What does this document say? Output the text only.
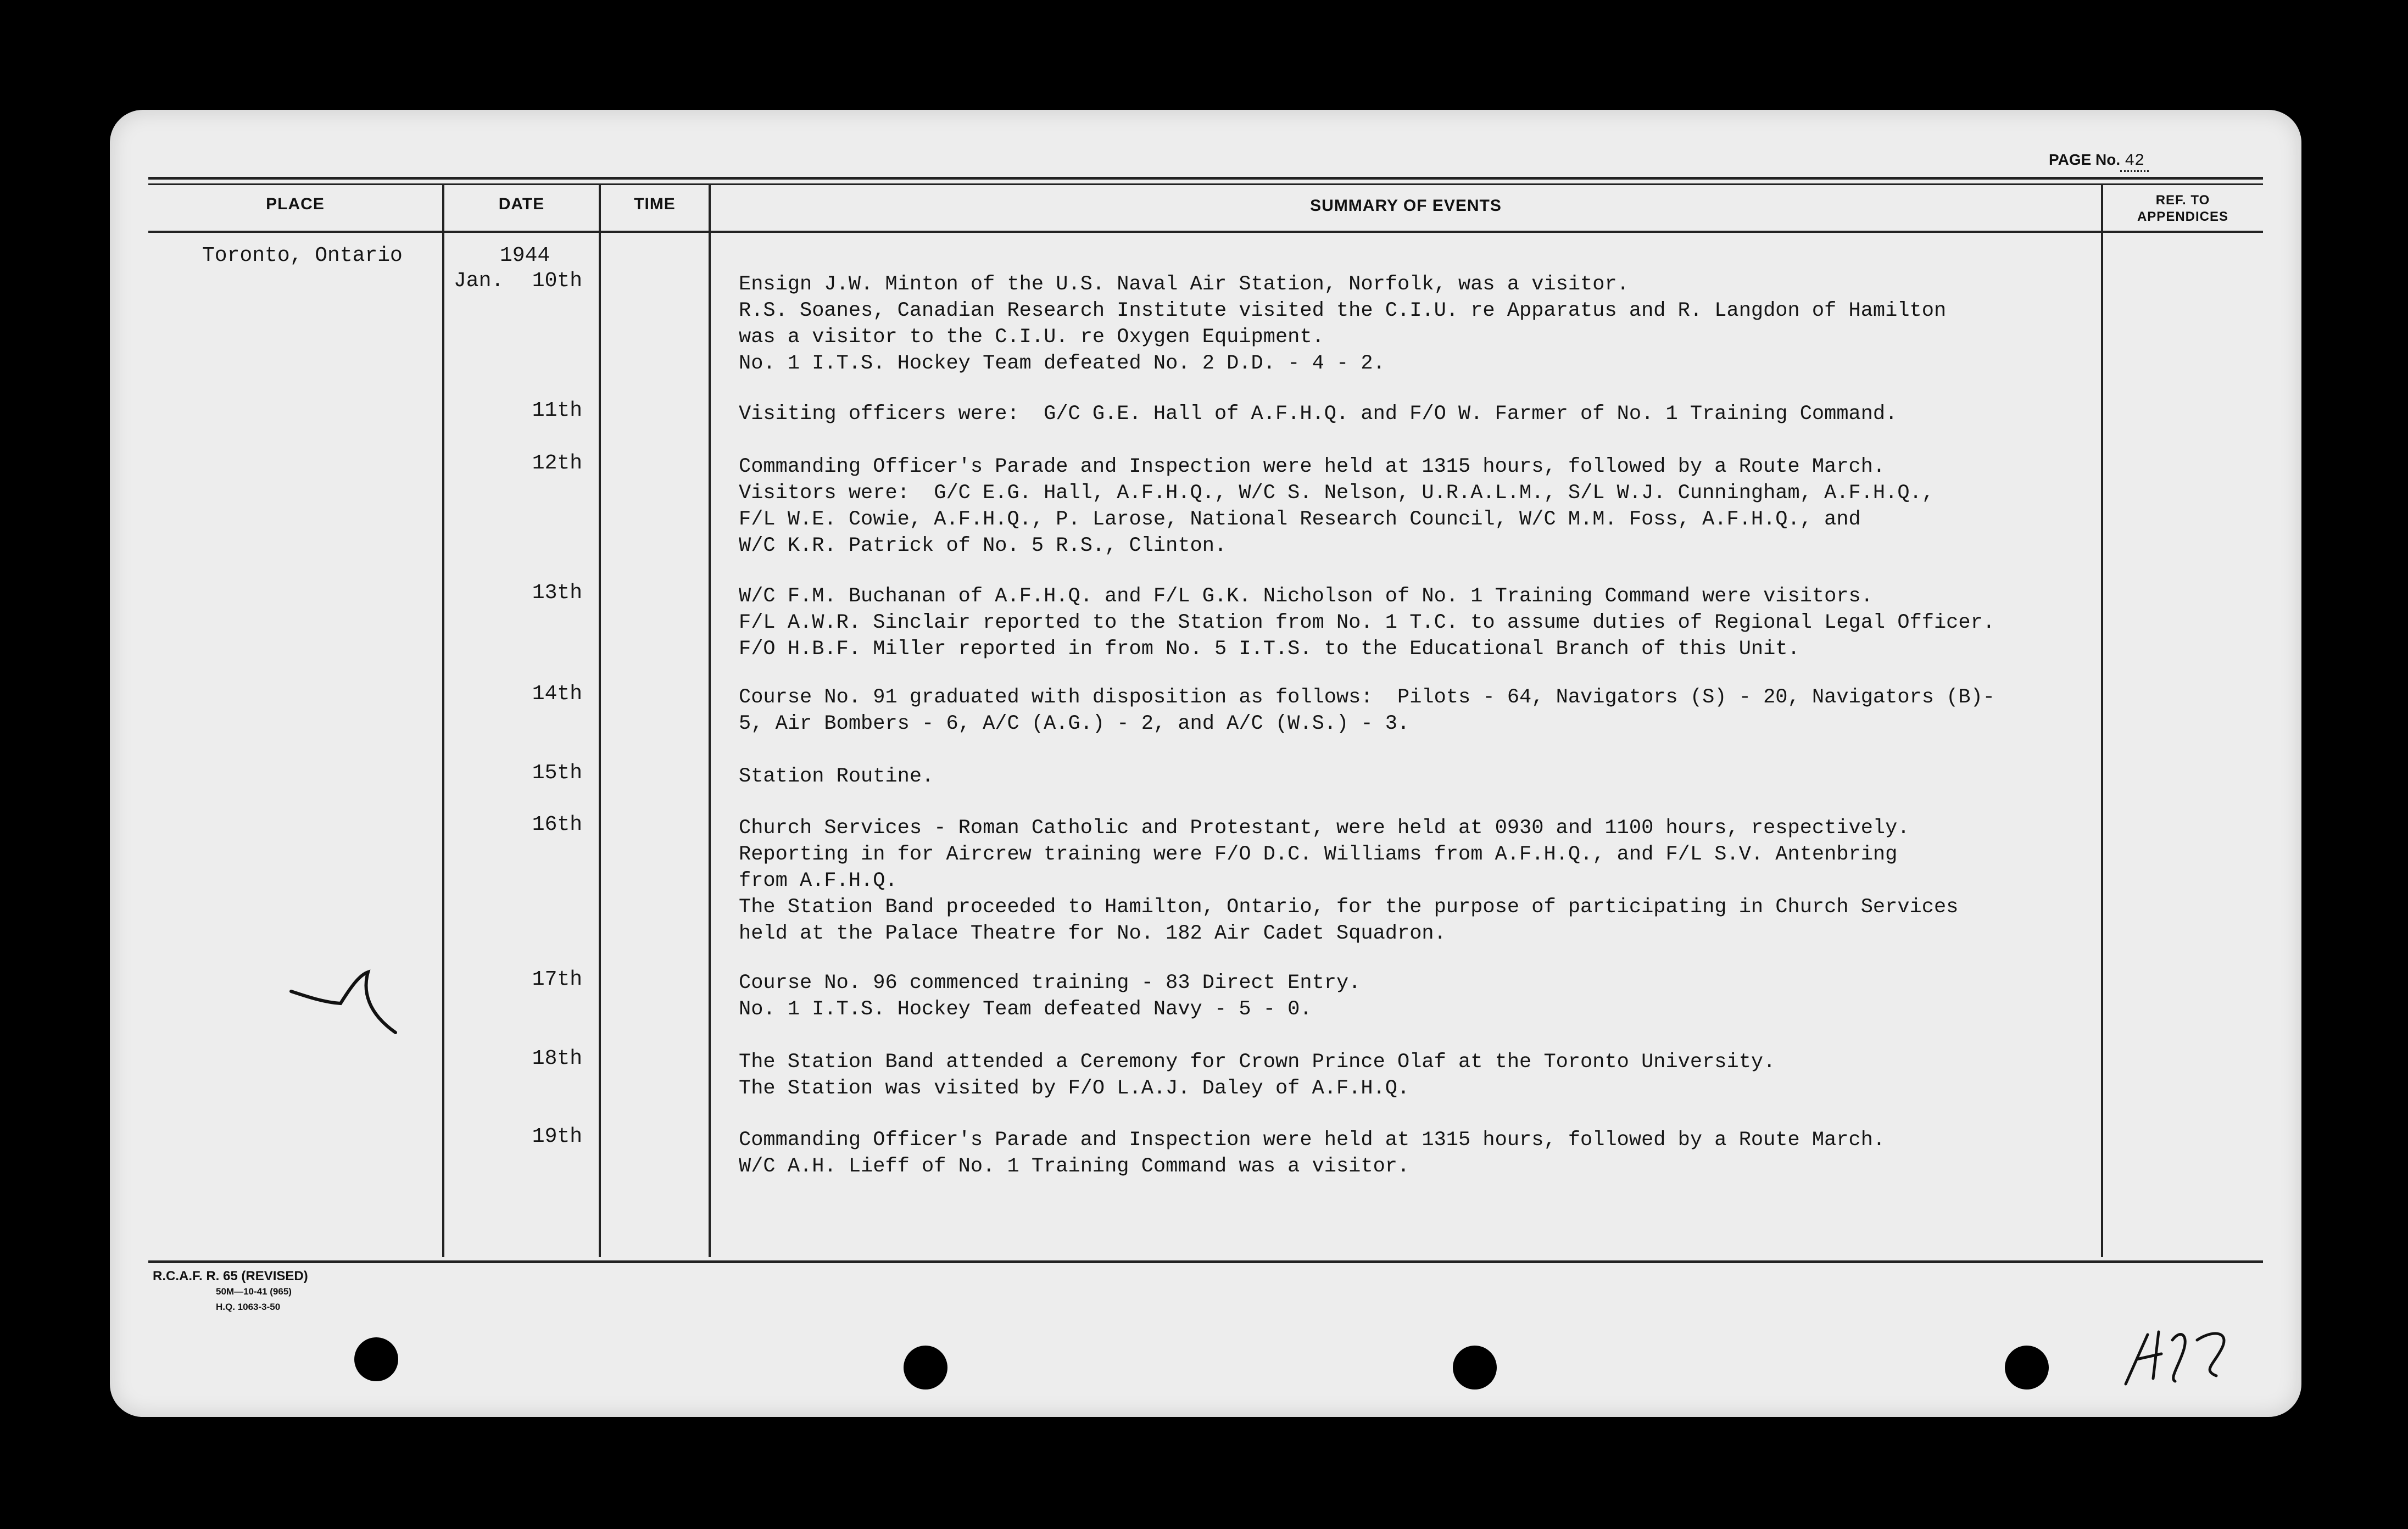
PAGE No. 42
PLACE	DATE	TIME	SUMMARY OF EVENTS	REF. TO
APPENDICES
Toronto, Ontario	1944
Jan.	10th	Ensign J.W. Minton of the U.S. Naval Air Station, Norfolk, was a visitor.
R.S. Soanes, Canadian Research Institute visited the C.I.U. re Apparatus and R. Langdon of Hamilton
was a visitor to the C.I.U. re Oxygen Equipment.
No. 1 I.T.S. Hockey Team defeated No. 2 D.D. - 4 - 2.
11th	Visiting officers were:  G/C G.E. Hall of A.F.H.Q. and F/O W. Farmer of No. 1 Training Command.
12th	Commanding Officer's Parade and Inspection were held at 1315 hours, followed by a Route March.
Visitors were:  G/C E.G. Hall, A.F.H.Q., W/C S. Nelson, U.R.A.L.M., S/L W.J. Cunningham, A.F.H.Q.,
F/L W.E. Cowie, A.F.H.Q., P. Larose, National Research Council, W/C M.M. Foss, A.F.H.Q., and
W/C K.R. Patrick of No. 5 R.S., Clinton.
13th	W/C F.M. Buchanan of A.F.H.Q. and F/L G.K. Nicholson of No. 1 Training Command were visitors.
F/L A.W.R. Sinclair reported to the Station from No. 1 T.C. to assume duties of Regional Legal Officer.
F/O H.B.F. Miller reported in from No. 5 I.T.S. to the Educational Branch of this Unit.
14th	Course No. 91 graduated with disposition as follows:  Pilots - 64, Navigators (S) - 20, Navigators (B)-
5, Air Bombers - 6, A/C (A.G.) - 2, and A/C (W.S.) - 3.
15th	Station Routine.
16th	Church Services - Roman Catholic and Protestant, were held at 0930 and 1100 hours, respectively.
Reporting in for Aircrew training were F/O D.C. Williams from A.F.H.Q., and F/L S.V. Antenbring
from A.F.H.Q.
The Station Band proceeded to Hamilton, Ontario, for the purpose of participating in Church Services
held at the Palace Theatre for No. 182 Air Cadet Squadron.
17th	Course No. 96 commenced training - 83 Direct Entry.
No. 1 I.T.S. Hockey Team defeated Navy - 5 - 0.
18th	The Station Band attended a Ceremony for Crown Prince Olaf at the Toronto University.
The Station was visited by F/O L.A.J. Daley of A.F.H.Q.
19th	Commanding Officer's Parade and Inspection were held at 1315 hours, followed by a Route March.
W/C A.H. Lieff of No. 1 Training Command was a visitor.
R.C.A.F. R. 65 (REVISED)
50M—10-41 (965)
H.Q. 1063-3-50
